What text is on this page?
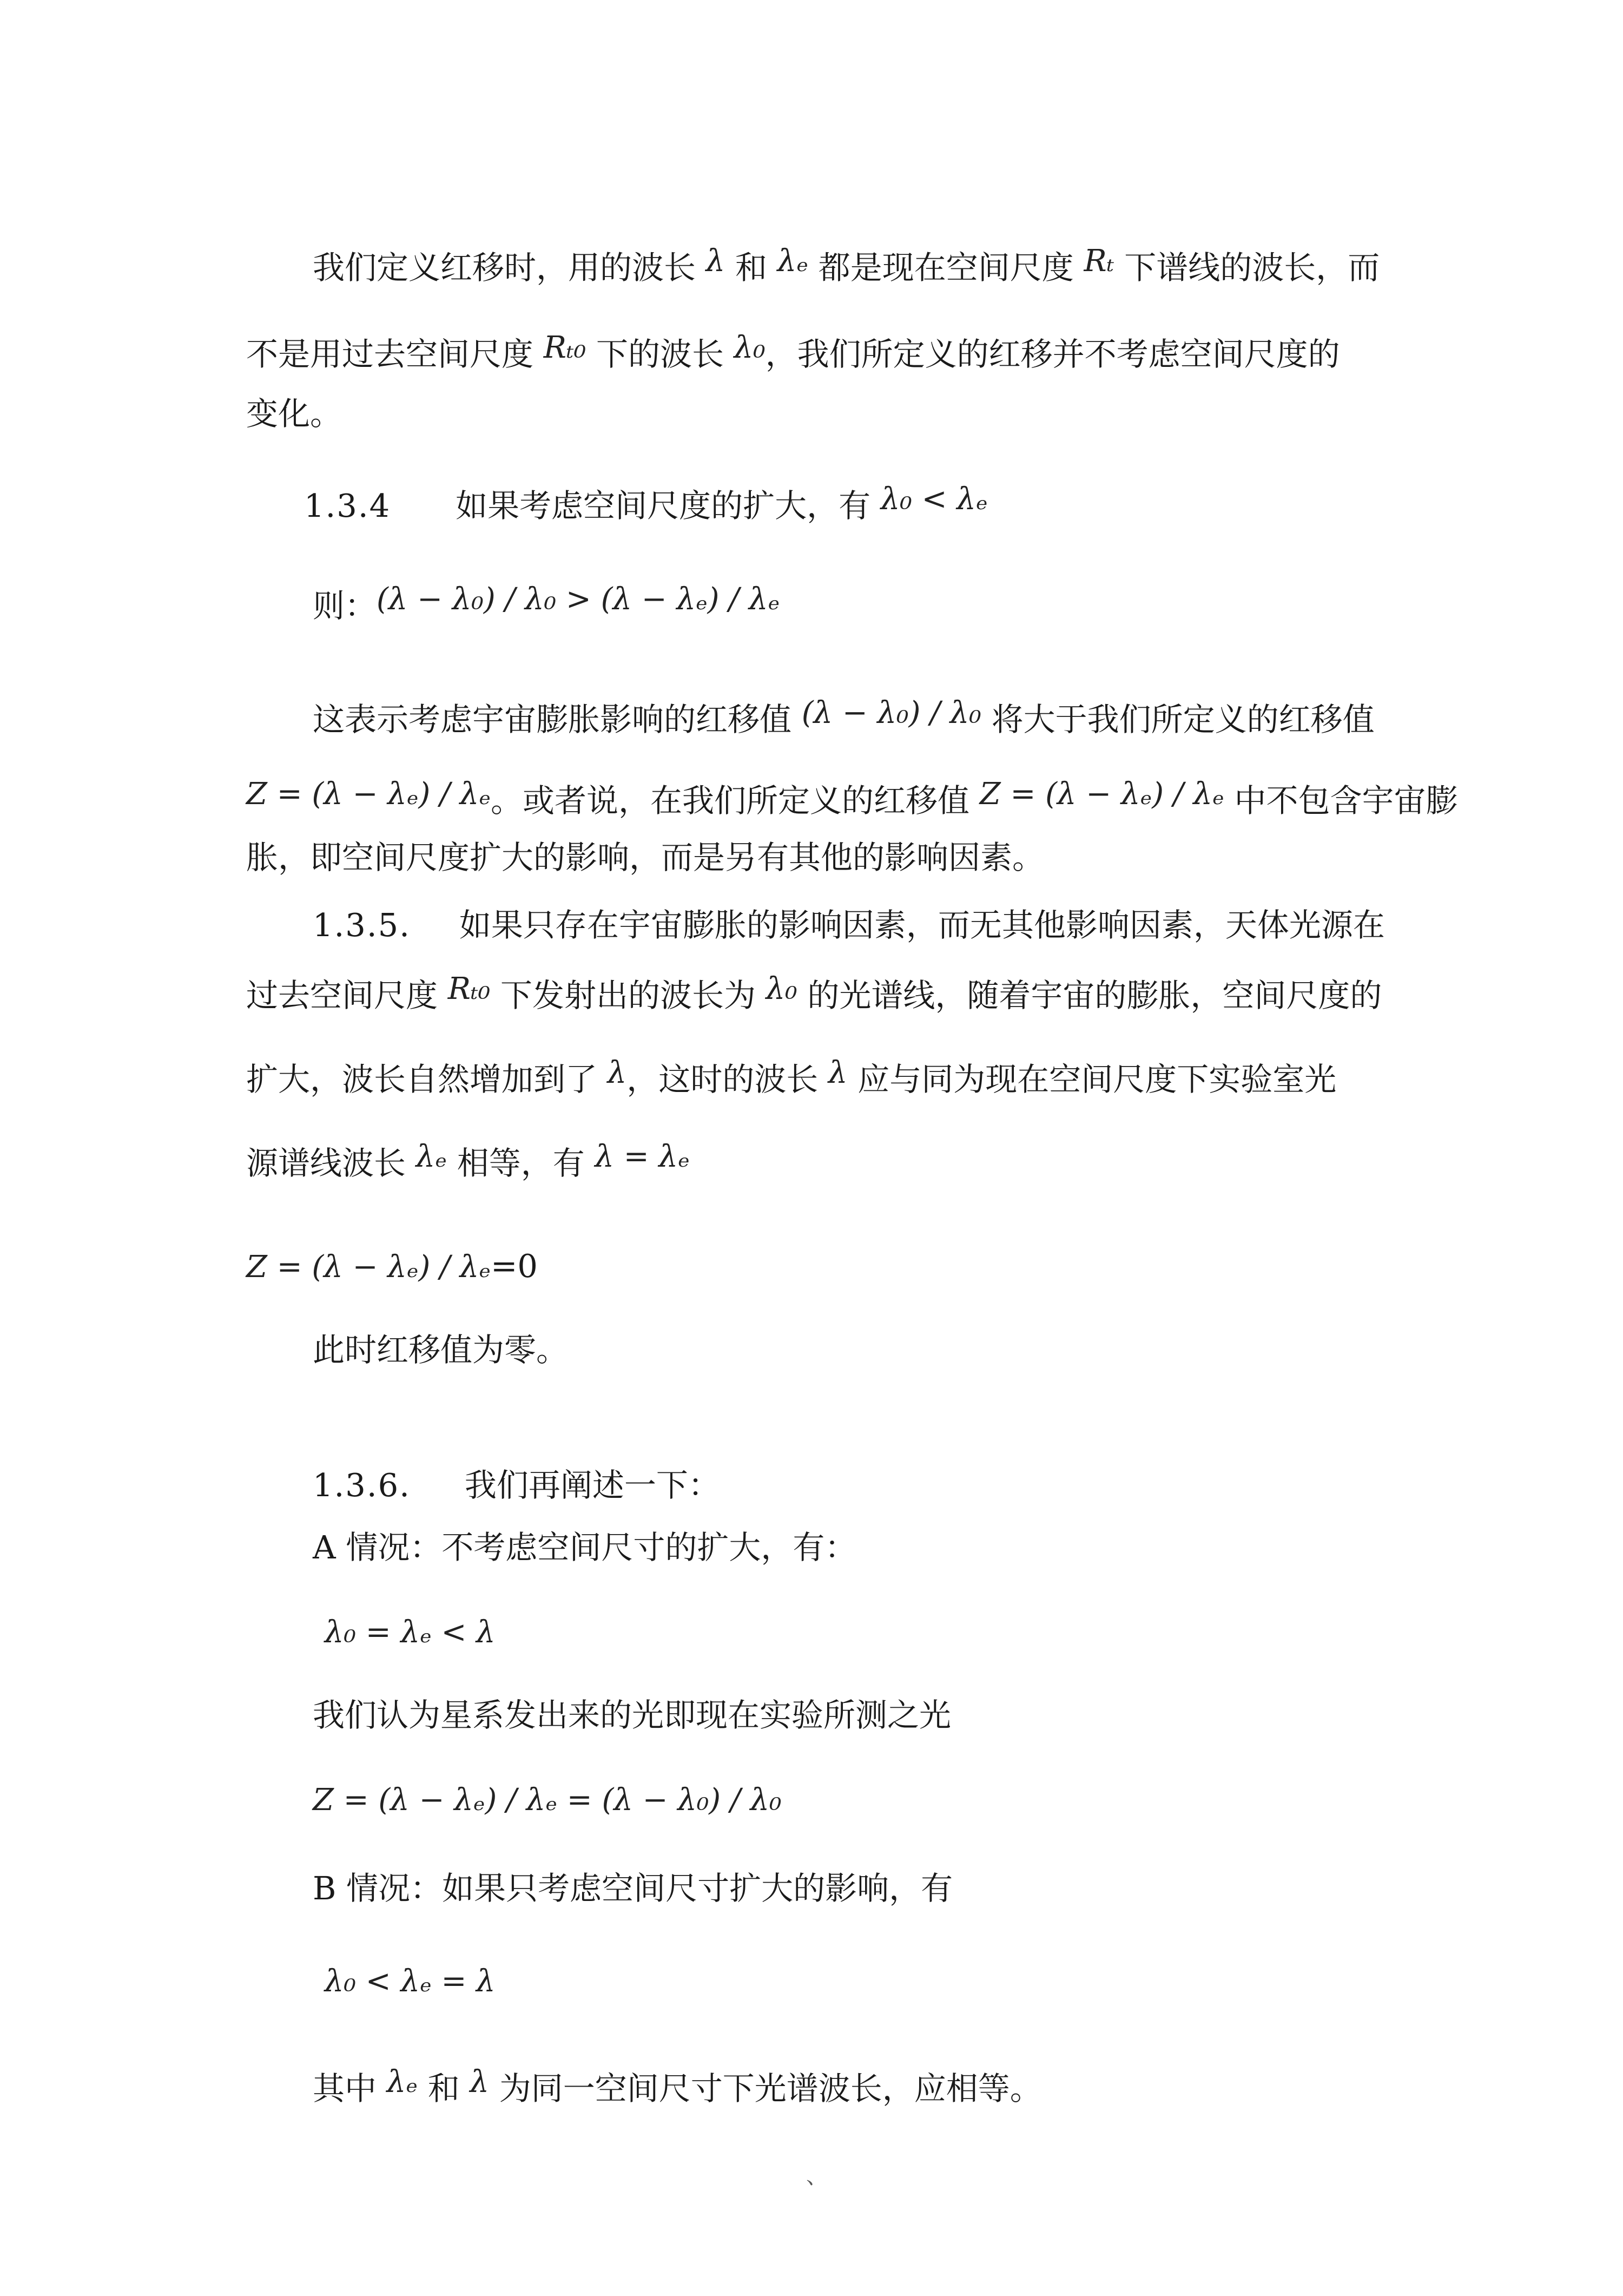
我们定义红移时，用的波长 λ 和 λₑ 都是现在空间尺度 Rₜ 下谱线的波长，而
不是用过去空间尺度 Rₜ₀ 下的波长 λ₀，我们所定义的红移并不考虑空间尺度的
变化。
1.3.4 如果考虑空间尺度的扩大，有 λ₀ < λₑ
则：(λ − λ₀) / λ₀ > (λ − λₑ) / λₑ
这表示考虑宇宙膨胀影响的红移值 (λ − λ₀) / λ₀ 将大于我们所定义的红移值
Z = (λ − λₑ) / λₑ。或者说，在我们所定义的红移值 Z = (λ − λₑ) / λₑ 中不包含宇宙膨
胀，即空间尺度扩大的影响，而是另有其他的影响因素。
1.3.5. 如果只存在宇宙膨胀的影响因素，而无其他影响因素，天体光源在
过去空间尺度 Rₜ₀ 下发射出的波长为 λ₀ 的光谱线，随着宇宙的膨胀，空间尺度的
扩大，波长自然增加到了 λ，这时的波长 λ 应与同为现在空间尺度下实验室光
源谱线波长 λₑ 相等，有 λ = λₑ
Z = (λ − λₑ) / λₑ=0
此时红移值为零。
1.3.6. 我们再阐述一下：
A 情况：不考虑空间尺寸的扩大，有：
λ₀ = λₑ < λ
我们认为星系发出来的光即现在实验所测之光
Z = (λ − λₑ) / λₑ = (λ − λ₀) / λ₀
B 情况：如果只考虑空间尺寸扩大的影响，有
λ₀ < λₑ = λ
其中 λₑ 和 λ 为同一空间尺寸下光谱波长，应相等。
、
